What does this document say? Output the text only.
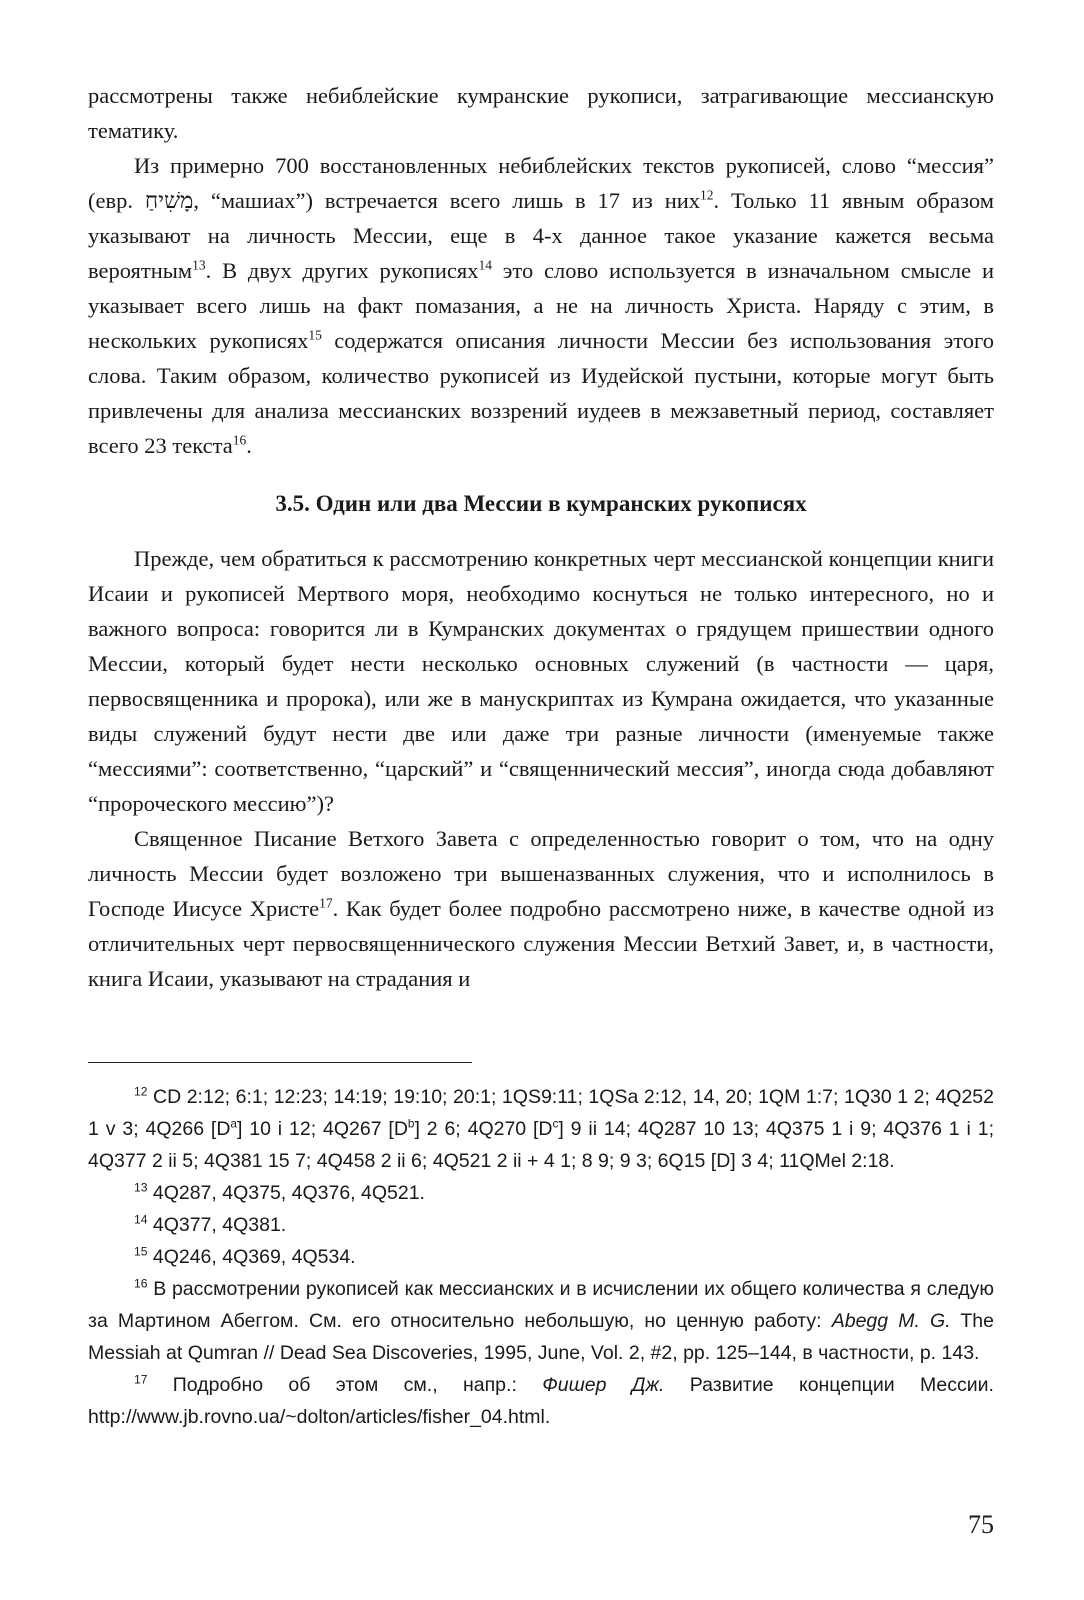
рассмотрены также небиблейские кумранские рукописи, затрагивающие мессианскую тематику.

Из примерно 700 восстановленных небиблейских текстов рукописей, слово “мессия” (евр. מָשִׁיחַ, “машиах”) встречается всего лишь в 17 из них$^{12}$. Только 11 явным образом указывают на личность Мессии, еще в 4-х данное такое указание кажется весьма вероятным$^{13}$. В двух других рукописях$^{14}$ это слово используется в изначальном смысле и указывает всего лишь на факт помазания, а не на личность Христа. Наряду с этим, в нескольких рукописях$^{15}$ содержатся описания личности Мессии без использования этого слова. Таким образом, количество рукописей из Иудейской пустыни, которые могут быть привлечены для анализа мессианских воззрений иудеев в межзаветный период, составляет всего 23 текста$^{16}$.

3.5. Один или два Мессии в кумранских рукописях

Прежде, чем обратиться к рассмотрению конкретных черт мессианской концепции книги Исаии и рукописей Мертвого моря, необходимо коснуться не только интересного, но и важного вопроса: говорится ли в Кумранских документах о грядущем пришествии одного Мессии, который будет нести несколько основных служений (в частности — царя, первосвященника и пророка), или же в манускриптах из Кумрана ожидается, что указанные виды служений будут нести две или даже три разные личности (именуемые также “мессиями”: соответственно, “царский” и “священнический мессия”, иногда сюда добавляют “пророческого мессию”)?

Священное Писание Ветхого Завета с определенностью говорит о том, что на одну личность Мессии будет возложено три вышеназванных служения, что и исполнилось в Господе Иисусе Христе$^{17}$. Как будет более подробно рассмотрено ниже, в качестве одной из отличительных черт первосвященнического служения Мессии Ветхий Завет, и, в частности, книга Исаии, указывают на страдания и

$^{12}$ CD 2:12; 6:1; 12:23; 14:19; 19:10; 20:1; 1QS9:11; 1QSa 2:12, 14, 20; 1QM 1:7; 1Q30 1 2; 4Q252 1 v 3; 4Q266 $[D^a]$ 10 i 12; 4Q267 $[D^b]$ 2 6; 4Q270 $[D^c]$ 9 ii 14; 4Q287 10 13; 4Q375 1 i 9; 4Q376 1 i 1; 4Q377 2 ii 5; 4Q381 15 7; 4Q458 2 ii 6; 4Q521 2 ii + 4 1; 8 9; 9 3; 6Q15 [D] 3 4; 11QMel 2:18.

$^{13}$ 4Q287, 4Q375, 4Q376, 4Q521.

$^{14}$ 4Q377, 4Q381.

$^{15}$ 4Q246, 4Q369, 4Q534.

$^{16}$ В рассмотрении рукописей как мессианских и в исчислении их общего количества я следую за Мартином Абеггом. См. его относительно небольшую, но ценную работу: Abegg M. G. The Messiah at Qumran // Dead Sea Discoveries, 1995, June, Vol. 2, #2, pp. 125–144, в частности, p. 143.

$^{17}$ Подробно об этом см., напр.: Фишер Дж. Развитие концепции Мессии. http://www.jb.rovno.ua/~dolton/articles/fisher_04.html.

75
